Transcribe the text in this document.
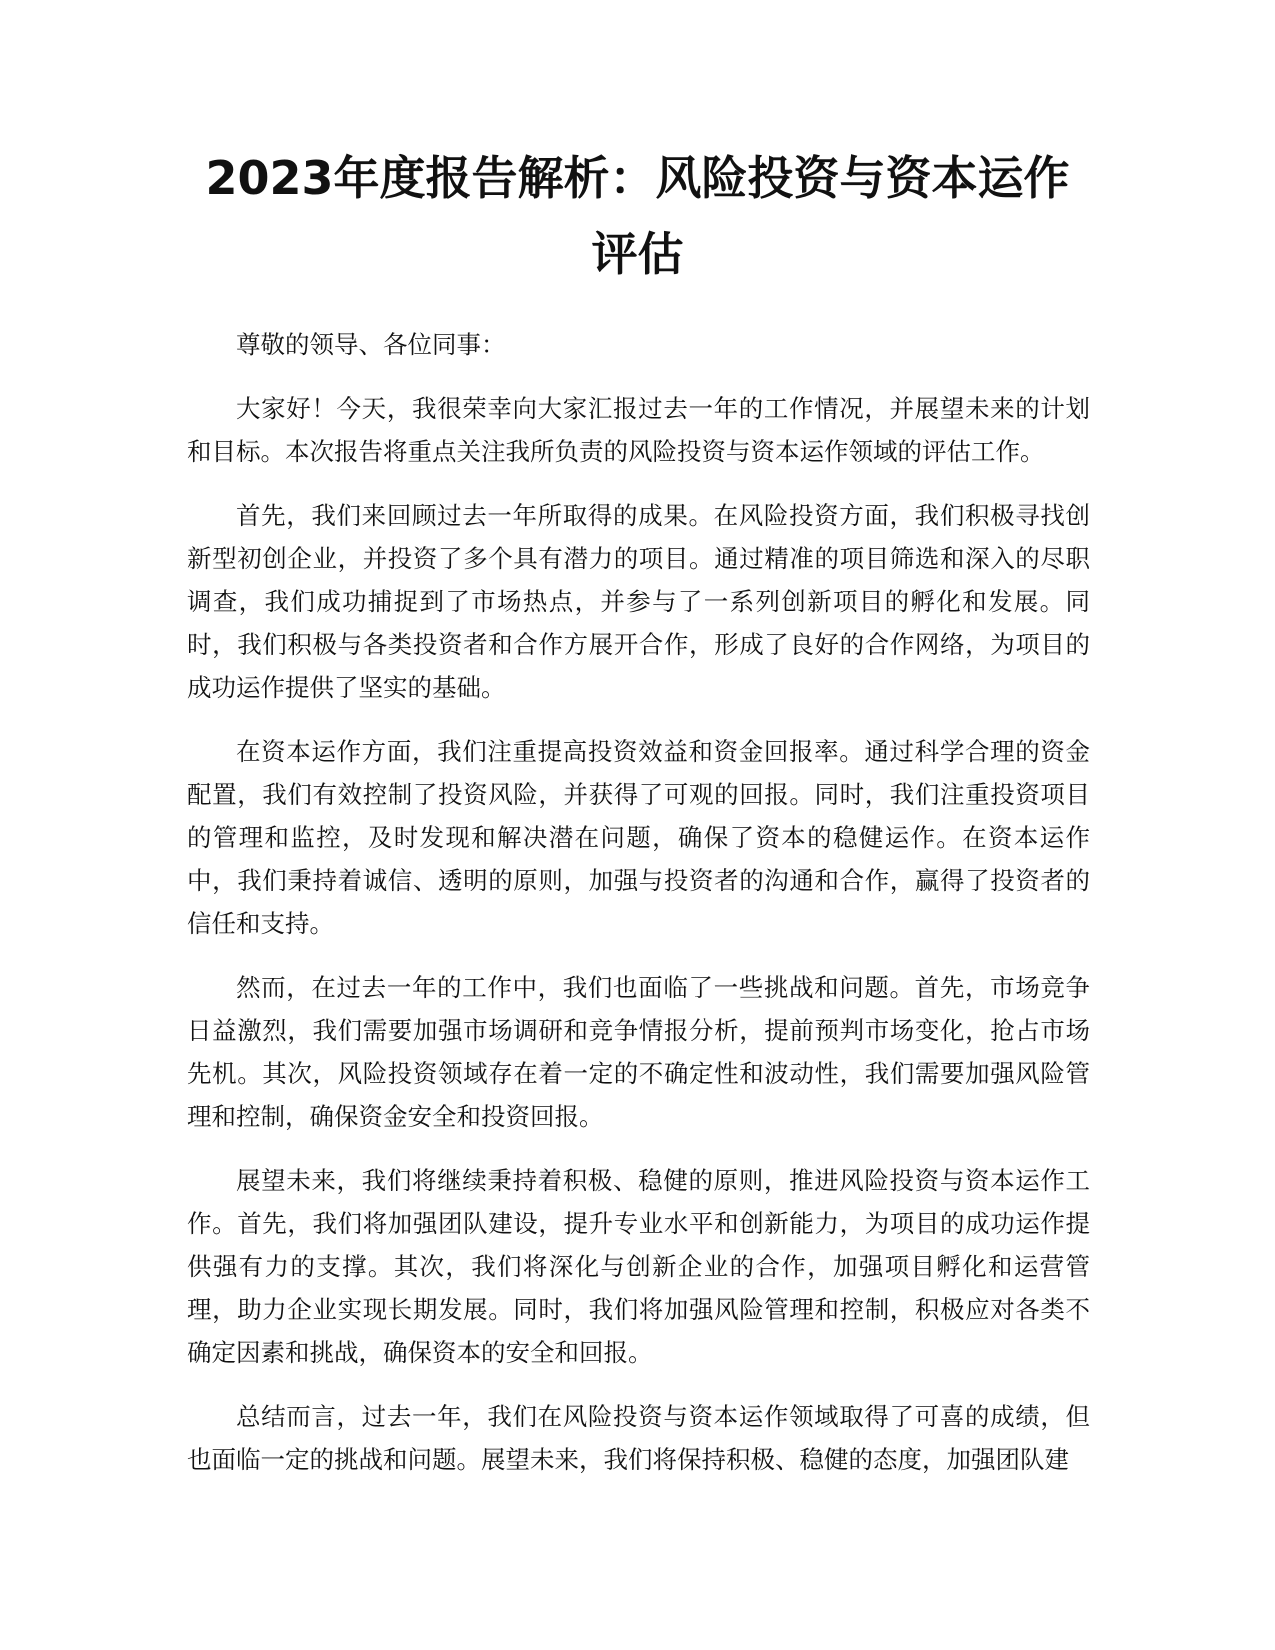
2023年度报告解析：风险投资与资本运作评估

尊敬的领导、各位同事：

大家好！今天，我很荣幸向大家汇报过去一年的工作情况，并展望未来的计划和目标。本次报告将重点关注我所负责的风险投资与资本运作领域的评估工作。

首先，我们来回顾过去一年所取得的成果。在风险投资方面，我们积极寻找创新型初创企业，并投资了多个具有潜力的项目。通过精准的项目筛选和深入的尽职调查，我们成功捕捉到了市场热点，并参与了一系列创新项目的孵化和发展。同时，我们积极与各类投资者和合作方展开合作，形成了良好的合作网络，为项目的成功运作提供了坚实的基础。

在资本运作方面，我们注重提高投资效益和资金回报率。通过科学合理的资金配置，我们有效控制了投资风险，并获得了可观的回报。同时，我们注重投资项目的管理和监控，及时发现和解决潜在问题，确保了资本的稳健运作。在资本运作中，我们秉持着诚信、透明的原则，加强与投资者的沟通和合作，赢得了投资者的信任和支持。

然而，在过去一年的工作中，我们也面临了一些挑战和问题。首先，市场竞争日益激烈，我们需要加强市场调研和竞争情报分析，提前预判市场变化，抢占市场先机。其次，风险投资领域存在着一定的不确定性和波动性，我们需要加强风险管理和控制，确保资金安全和投资回报。

展望未来，我们将继续秉持着积极、稳健的原则，推进风险投资与资本运作工作。首先，我们将加强团队建设，提升专业水平和创新能力，为项目的成功运作提供强有力的支撑。其次，我们将深化与创新企业的合作，加强项目孵化和运营管理，助力企业实现长期发展。同时，我们将加强风险管理和控制，积极应对各类不确定因素和挑战，确保资本的安全和回报。

总结而言，过去一年，我们在风险投资与资本运作领域取得了可喜的成绩，但也面临一定的挑战和问题。展望未来，我们将保持积极、稳健的态度，加强团队建
